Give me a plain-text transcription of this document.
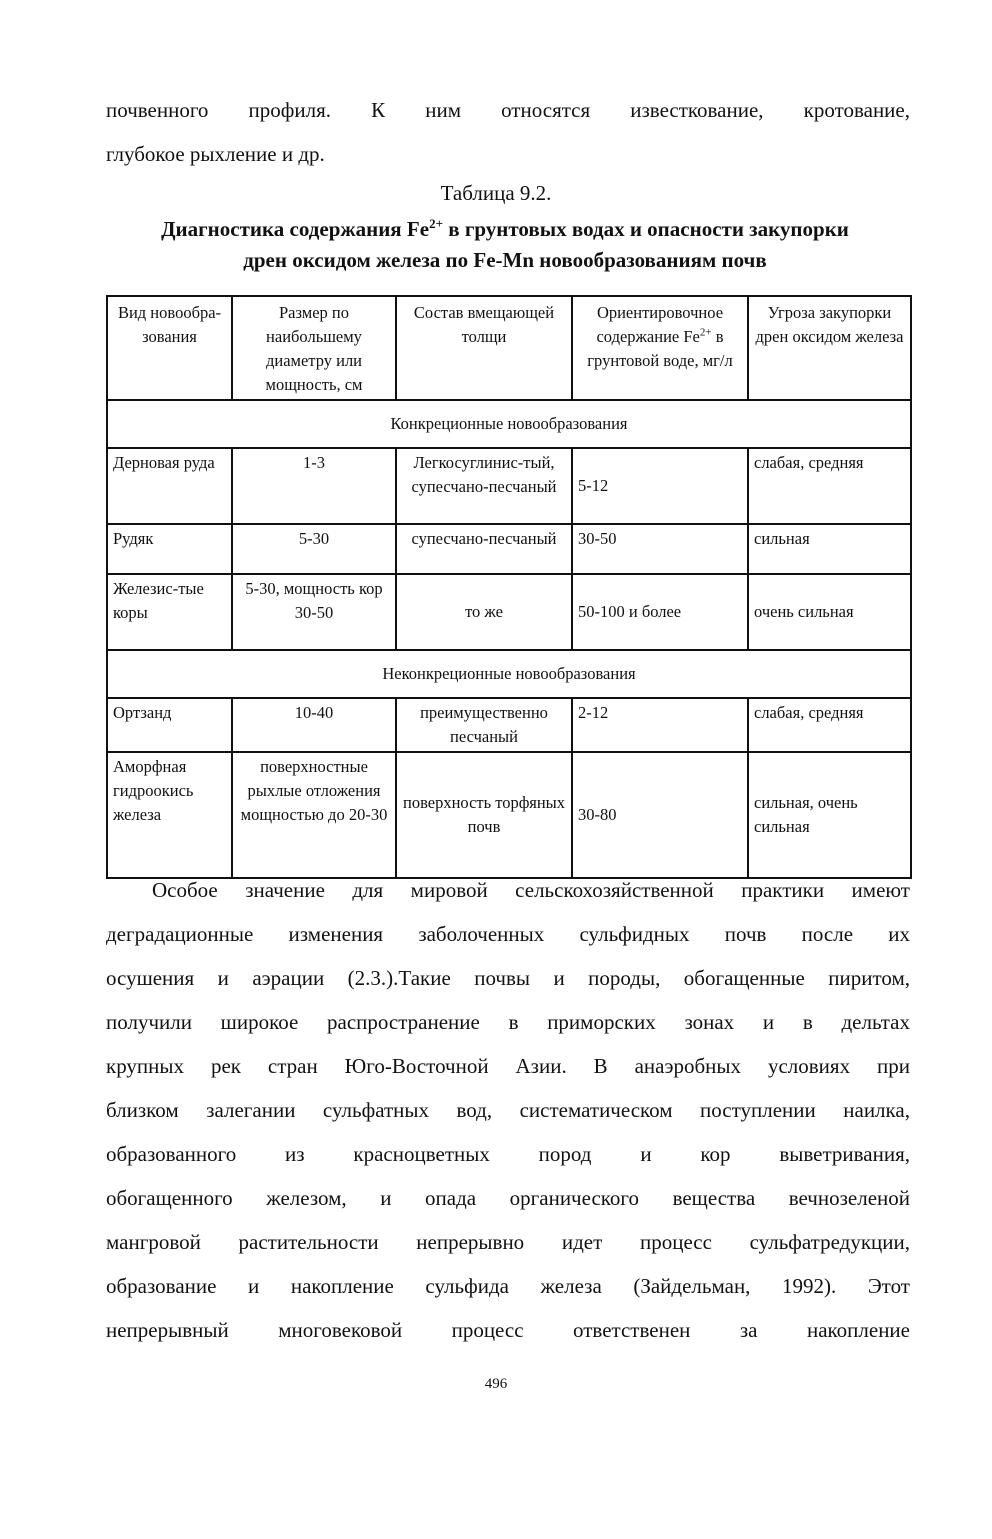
почвенного профиля. К ним относятся известкование, кротование,
глубокое рыхление и др.

Таблица 9.2.

Диагностика содержания $Fe^{2+}$ в грунтовых водах и опасности закупорки
дрен оксидом железа по Fe-Mn новообразованиям почв

Вид новообра-зования	Размер по наибольшему диаметру или мощность, см	Состав вмещающей толщи	Ориентировочное содержание $Fe^{2+}$ в грунтовой воде, мг/л	Угроза закупорки дрен оксидом железа
Конкреционные новообразования				
Дерновая руда	1-3	Легкосуглинис-тый, супесчано-песчаный	5-12	слабая, средняя
Рудяк	5-30	супесчано-песчаный	30-50	сильная
Железис-тые коры	5-30, мощность кор 30-50	то же	50-100 и более	очень сильная
Неконкреционные новообразования				
Ортзанд	10-40	преимущественно песчаный	2-12	слабая, средняя
Аморфная гидроокись железа	поверхностные рыхлые отложения мощностью до 20-30	поверхность торфяных почв	30-80	сильная, очень сильная
Особое значение для мировой сельскохозяйственной практики имеют
деградационные изменения заболоченных сульфидных почв после их
осушения и аэрации (2.3.).Такие почвы и породы, обогащенные пиритом,
получили широкое распространение в приморских зонах и в дельтах
крупных рек стран Юго-Восточной Азии. В анаэробных условиях при
близком залегании сульфатных вод, систематическом поступлении наилка,
образованного из красноцветных пород и кор выветривания,
обогащенного железом, и опада органического вещества вечнозеленой
мангровой растительности непрерывно идет процесс сульфатредукции,
образование и накопление сульфида железа (Зайдельман, 1992). Этот
непрерывный многовековой процесс ответственен за накопление

496
